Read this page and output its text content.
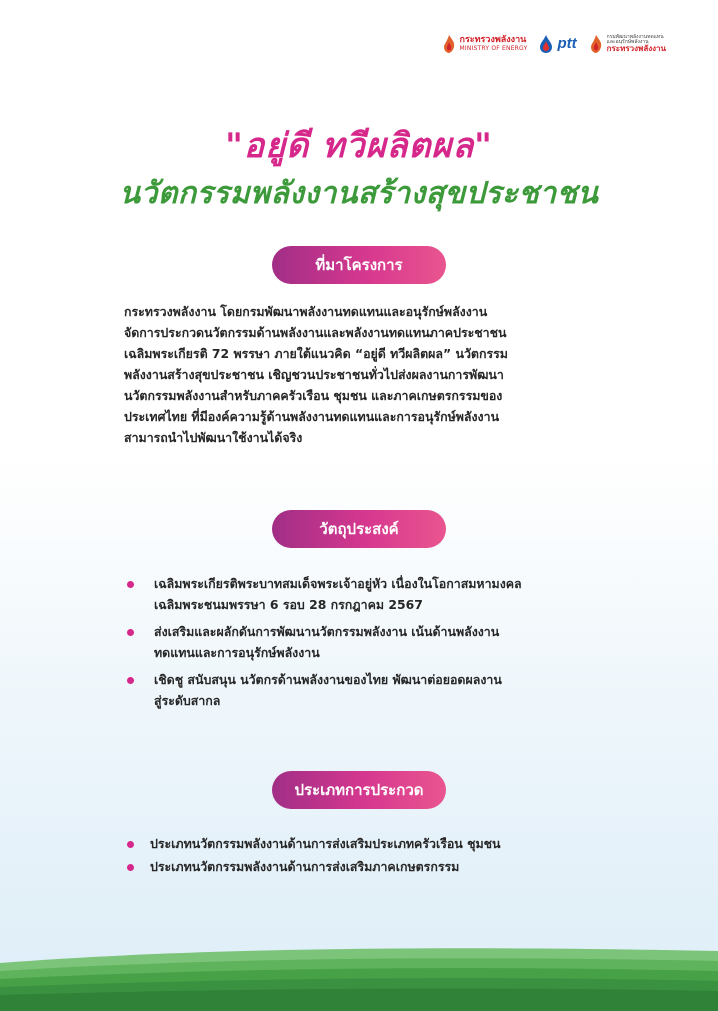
กระทรวงพลังงาน
MINISTRY OF ENERGY ptt	กรมพัฒนาพลังงานทดแทน
และอนุรักษ์พลังงาน
กระทรวงพลังงาน
"อยู่ดี ทวีผลิตผล"
นวัตกรรมพลังงานสร้างสุขประชาชน
ที่มาโครงการ
กระทรวงพลังงาน โดยกรมพัฒนาพลังงานทดแทนและอนุรักษ์พลังงาน
จัดการประกวดนวัตกรรมด้านพลังงานและพลังงานทดแทนภาคประชาชน
เฉลิมพระเกียรติ 72 พรรษา ภายใต้แนวคิด “อยู่ดี ทวีผลิตผล” นวัตกรรม
พลังงานสร้างสุขประชาชน เชิญชวนประชาชนทั่วไปส่งผลงานการพัฒนา
นวัตกรรมพลังงานสำหรับภาคครัวเรือน ชุมชน และภาคเกษตรกรรมของ
ประเทศไทย ที่มีองค์ความรู้ด้านพลังงานทดแทนและการอนุรักษ์พลังงาน
สามารถนำไปพัฒนาใช้งานได้จริง
วัตถุประสงค์
เฉลิมพระเกียรติพระบาทสมเด็จพระเจ้าอยู่หัว เนื่องในโอกาสมหามงคล
เฉลิมพระชนมพรรษา 6 รอบ 28 กรกฎาคม 2567
ส่งเสริมและผลักดันการพัฒนานวัตกรรมพลังงาน เน้นด้านพลังงาน
ทดแทนและการอนุรักษ์พลังงาน
เชิดชู สนับสนุน นวัตกรด้านพลังงานของไทย พัฒนาต่อยอดผลงาน
สู่ระดับสากล
ประเภทการประกวด
ประเภทนวัตกรรมพลังงานด้านการส่งเสริมประเภทครัวเรือน ชุมชน
ประเภทนวัตกรรมพลังงานด้านการส่งเสริมภาคเกษตรกรรม
